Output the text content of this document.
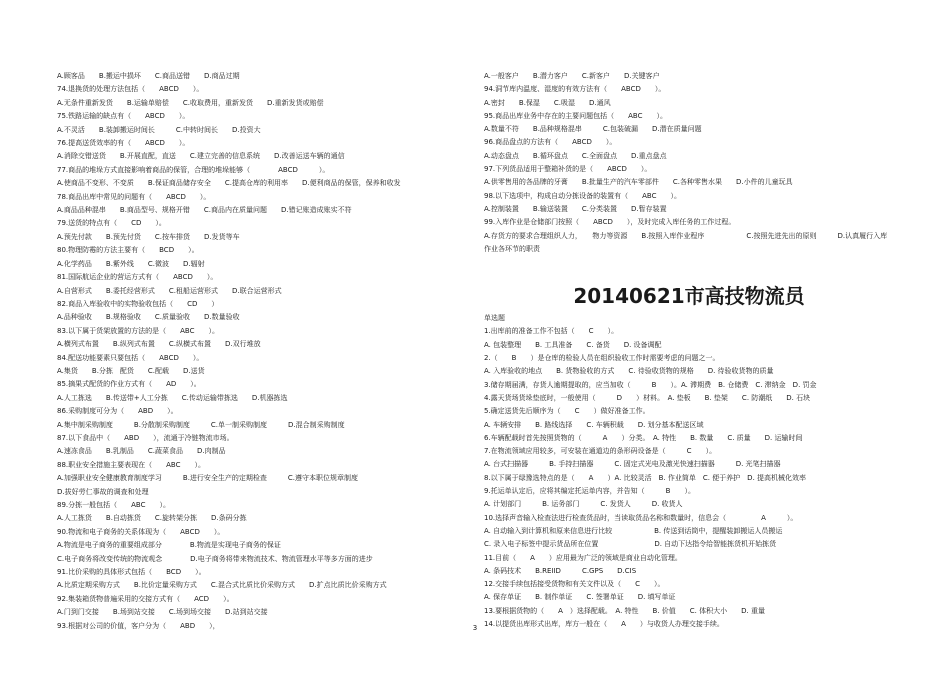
A.顾客品　　B.搬运中损坏　　C.商品送错　　D.商品过期
74.退换货的处理方法包括（　　ABCD　　）。
A.无条件重新发货　　B.运输单赔偿　　C.收取费用，重新发货　　D.重新发货或赔偿
75.铁路运输的缺点有（　　ABCD　　）。
A.不灵活　　B.装卸搬运时间长　　　C.中转时间长　　D.投资大
76.提高送货效率的有（　　ABCD　　）。
A.消除交错送货　　B.开展直配，直送　　C.建立完善的信息系统　　D.改善运送车辆的通信
77.商品的堆垛方式直接影响着商品的保管，合理的堆垛能够（　　　　ABCD　　　）。
A.使商品不变形、不变质　　B.保证商品储存安全　　C.提高仓库的利用率　　D.便利商品的保管，保养和收发
78.商品出库中常见的问题有（　　ABCD　　）。
A.商品品种混串　　B.商品型号、规格开错　　C.商品内在质量问题　　D.错记账造成账实不符
79.送货的特点有（　　CD　　）。
A.预先付款　　B.预先付货　　C.按车排货　　D.发货等车
80.物理防霉的方法主要有（　　BCD　　）。
A.化学药品　　B.紫外线　　C.微波　　D.辐射
81.国际航运企业的营运方式有（　　ABCD　　）。
A.自营形式　　B.委托经营形式　　C.租船运营形式　　D.联合运营形式
82.商品入库验收中的实物验收包括（　　CD　　）
A.品种验收　　B.规格验收　　C.质量验收　　D.数量验收
83.以下属于货架放置的方法的是（　　ABC　　）。
A.横列式布置　　B.纵列式布置　　C.纵横式布置　　D.双行堆放
84.配送功能要素只要包括（　　ABCD　　）。
A.集货　　B.分拣　配货　　C.配载　　D.送货
85.摘果式配货的作业方式有（　　AD　　）。
A.人工拣选　　B.传送带+人工分拣　　C.传动运输带拣选　　D.机器拣选
86.采购制度可分为（　　ABD　　）。
A.集中制采购制度　　　B.分散制采购制度　　　C.单一制采购制度　　　D.混合制采购制度
87.以下食品中（　　ABD　　），流通于冷链物流市场。
A.速冻食品　　B.乳制品　　C.蔬菜食品　　D.肉制品
88.职业安全措施主要表现在（　　ABC　　）。
A.加强职业安全健康教育制度学习　　　B.进行安全生产的定期检查　　　C.遵守本职位规章制度
D.拔好劳仁事故的调查和处理
89.分拣一般包括（　　ABC　　）。
A.人工拣货　　B.自动拣货　　C.旋转架分拣　　D.条码分拣
90.物流和电子商务的关系体现为（　　ABCD　　）。
A.物流是电子商务的重要组成部分　　　　B.物流是实现电子商务的保证
C.电子商务将改变传统的物流观念　　　　D.电子商务将带来物流技术、物流管理水平等多方面的进步
91.比价采购的具体形式包括（　　BCD　　）。
A.比质定期采购方式　　B.比价定量采购方式　　C.混合式比质比价采购方式　　D.扩点比质比价采购方式
92.集装箱货物普遍采用的交接方式有（　　ACD　　）。
A.门到门交接　　B.场到站交接　　C.场到场交接　　D.站到站交接
93.根据对公司的价值，客户分为（　　ABD　　），
A.一般客户　　B.潜力客户　　C.新客户　　D.关键客户
94.洞节库内温度、湿度的有效方法有（　　ABCD　　）。
A.密封　　B.保湿　　C.吸湿　　D.通风
95.商品出库业务中存在的主要问题包括（　　ABC　　）。
A.数量不符　　B.品种规格混串　　　C.包装破漏　　D.潜在质量问题
96.商品盘点的方法有（　　ABCD　　）。
A.动态盘点　　B.循环盘点　　C.全面盘点　　D.重点盘点
97.下列货品适用于整箱补货的是（　　ABCD　　）。
A.供零售用的各品牌的牙膏　　B.批量生产的汽车零部件　　C.各种零售水果　　D.小件的儿童玩具
98.以下选项中，构成自动分拣设备的装置有（　　ABC　　）。
A.控制装置　　B.输送装置　　C.分类装置　　D.暂存装置
99.入库作业是仓储部门按照（　　ABCD　　），及时完成入库任务的工作过程。
A.存货方的要求合理组织人力，　　物力等资源　　B.按照入库作业程序　　　　　　C.按照先进先出的原则　　　D.认真履行入库作业各环节的职责
20140621市高技物流员
单选题
1.出库前的准备工作不包括（　　C　　）。
A. 包装整理　　B. 工具准备　　C. 备货　　D. 设备调配
2.（　　B　　）是仓库的检验人员在组织验收工作时需要考虑的问题之一。
A. 入库验收的地点　　B. 货物验收的方式　　C. 待验收货物的规格　　D. 待验收货物的质量
3.储存期届满，存货人逾期提取的，应当加收（　　　B　　）。A. 滞期费　B. 仓储费　C. 滞纳金　D. 罚金
4.露天货场货垛垫底时，一般使用（　　　D　　）材料。　A. 垫板　　B. 垫架　　C. 防潮纸　　D. 石块
5.确定送货先后顺序为（　　C　　）做好准备工作。
A. 车辆安排　　B. 路线选择　　C. 车辆积载　　D. 划分基本配送区域
6.车辆配载时首先按照货物的（　　　A　　）分类。　A. 特性　　B. 数量　　C. 质量　　D. 运输时间
7.在物流领域应用较多，可安装在通道边的条形码设备是（　　　C　　）。
A. 台式扫描器　　　B. 手持扫描器　　　C. 固定式光电及激光快速扫描器　　　D. 光笔扫描器
8.以下属于绿豫选特点的是（　　A　　）A. 比较灵活　B. 作业简单　C. 便于养护　D. 提高机械化效率
9.托运单认定后，应将其编定托运单内容，并告知（　　　B　　）。
A. 计划部门　　　B. 运务部门　　　C. 发货人　　　D. 收货人
10.选择声音输入检查法进行检查货品时，当读取货品名称和数量时，信息会（　　　　　A　　　）。
A. 自动输入到计算机和原来信息进行比较　　　　　　B. 传送到话筒中，提醒装卸搬运人员搬运
C. 录入电子标签中提示货品所在位置　　　　　　　　D. 自动下达指令给智能拣货机开始拣货
11.目前（　　A　　）应用最为广泛的领域是商业自动化管理。
A. 条码技术　　B.REIID　　　C.GPS　　D.CIS
12.交接手续包括接受货物和有关文件以及（　　C　　）。
A. 保存单证　　B. 制作单证　　C. 签署单证　　D. 填写单证
13.要根据货物的（　　A　）选择配载。　A. 特性　　B. 价值　　C. 体积大小　　D. 重量
14.以提货出库形式出库，库方一般在（　　A　　）与收货人办理交接手续。
3
